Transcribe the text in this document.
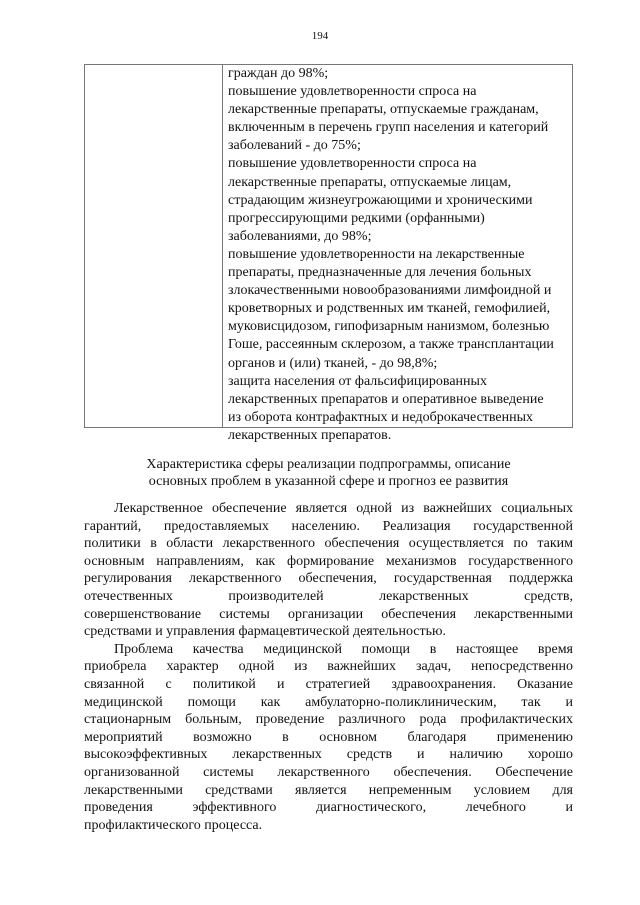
194
граждан до 98%;
повышение удовлетворенности спроса на
лекарственные препараты, отпускаемые гражданам,
включенным в перечень групп населения и категорий
заболеваний - до 75%;
повышение удовлетворенности спроса на
лекарственные препараты, отпускаемые лицам,
страдающим жизнеугрожающими и хроническими
прогрессирующими редкими (орфанными)
заболеваниями, до 98%;
повышение удовлетворенности на лекарственные
препараты, предназначенные для лечения больных
злокачественными новообразованиями лимфоидной и
кроветворных и родственных им тканей, гемофилией,
муковисцидозом, гипофизарным нанизмом, болезнью
Гоше, рассеянным склерозом, а также трансплантации
органов и (или) тканей, - до 98,8%;
защита населения от фальсифицированных
лекарственных препаратов и оперативное выведение
из оборота контрафактных и недоброкачественных
лекарственных препаратов.
Характеристика сферы реализации подпрограммы, описание
основных проблем в указанной сфере и прогноз ее развития
Лекарственное обеспечение является одной из важнейших социальных
гарантий, предоставляемых населению. Реализация государственной
политики в области лекарственного обеспечения осуществляется по таким
основным направлениям, как формирование механизмов государственного
регулирования лекарственного обеспечения, государственная поддержка
отечественных производителей лекарственных средств,
совершенствование системы организации обеспечения лекарственными
средствами и управления фармацевтической деятельностью.
Проблема качества медицинской помощи в настоящее время
приобрела характер одной из важнейших задач, непосредственно
связанной с политикой и стратегией здравоохранения. Оказание
медицинской помощи как амбулаторно-поликлиническим, так и
стационарным больным, проведение различного рода профилактических
мероприятий возможно в основном благодаря применению
высокоэффективных лекарственных средств и наличию хорошо
организованной системы лекарственного обеспечения. Обеспечение
лекарственными средствами является непременным условием для
проведения эффективного диагностического, лечебного и
профилактического процесса.
